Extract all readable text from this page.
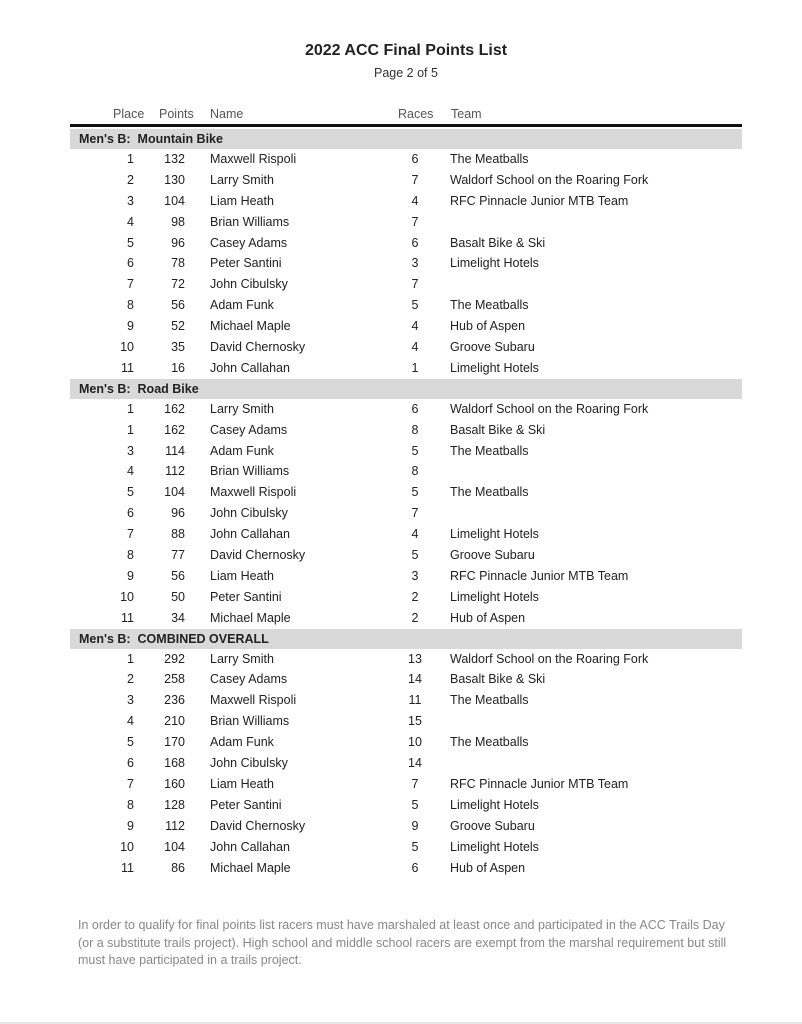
2022 ACC Final Points List
Page 2 of 5
Place Points Name	Races Team
Men's B:  Mountain Bike
1	132 Maxwell Rispoli	6	The Meatballs
2	130 Larry Smith	7	Waldorf School on the Roaring Fork
3	104 Liam Heath	4	RFC Pinnacle Junior MTB Team
4	98 Brian Williams	7
5	96 Casey Adams	6	Basalt Bike & Ski
6	78 Peter Santini	3	Limelight Hotels
7	72 John Cibulsky	7
8	56 Adam Funk	5	The Meatballs
9	52 Michael Maple	4	Hub of Aspen
10	35 David Chernosky	4	Groove Subaru
11	16 John Callahan	1	Limelight Hotels
Men's B:  Road Bike
1	162 Larry Smith	6	Waldorf School on the Roaring Fork
1	162 Casey Adams	8	Basalt Bike & Ski
3	114 Adam Funk	5	The Meatballs
4	112 Brian Williams	8
5	104 Maxwell Rispoli	5	The Meatballs
6	96 John Cibulsky	7
7	88 John Callahan	4	Limelight Hotels
8	77 David Chernosky	5	Groove Subaru
9	56 Liam Heath	3	RFC Pinnacle Junior MTB Team
10	50 Peter Santini	2	Limelight Hotels
11	34 Michael Maple	2	Hub of Aspen
Men's B:  COMBINED OVERALL
1	292 Larry Smith	13 Waldorf School on the Roaring Fork
2	258 Casey Adams	14 Basalt Bike & Ski
3	236 Maxwell Rispoli	11 The Meatballs
4	210 Brian Williams	15
5	170 Adam Funk	10 The Meatballs
6	168 John Cibulsky	14
7	160 Liam Heath	7	RFC Pinnacle Junior MTB Team
8	128 Peter Santini	5	Limelight Hotels
9	112 David Chernosky	9	Groove Subaru
10	104 John Callahan	5	Limelight Hotels
11	86 Michael Maple	6	Hub of Aspen
In order to qualify for final points list racers must have marshaled at least once and participated in the ACC Trails Day (or a substitute trails project). High school and middle school racers are exempt from the marshal requirement but still must have participated in a trails project.
